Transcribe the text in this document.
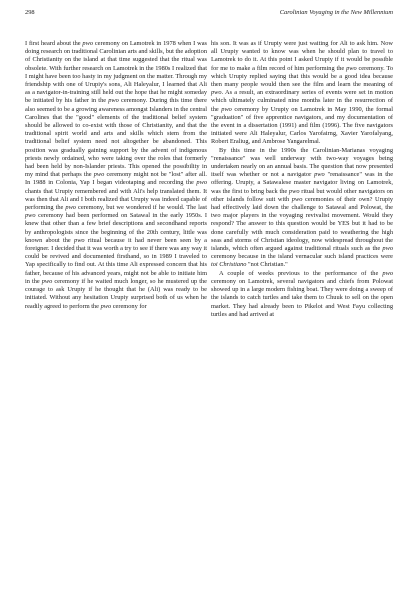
298	Carolinian Voyaging in the New Millennium

I first heard about the pwo ceremony on Lamotrek in 1978 when I was doing research on traditional Carolinian arts and skills, but the adoption of Christianity on the island at that time suggested that the ritual was obsolete. With further research on Lamotrek in the 1980s I realized that I might have been too hasty in my judgment on the matter. Through my friendship with one of Urupiy's sons, Ali Haleyalur, I learned that Ali as a navigator-in-training still held out the hope that he might someday be initiated by his father in the pwo ceremony. During this time there also seemed to be a growing awareness amongst Islanders in the central Carolines that the "good" elements of the traditional belief system should be allowed to co-exist with those of Christianity, and that the traditional spirit world and arts and skills which stem from the traditional belief system need not altogether be abandoned. This position was gradually gaining support by the advent of indigenous priests newly ordained, who were taking over the roles that formerly had been held by non-Islander priests. This opened the possibility in my mind that perhaps the pwo ceremony might not be "lost" after all. In 1988 in Colonia, Yap I began videotaping and recording the pwo chants that Urupiy remembered and with Ali's help translated them. It was then that Ali and I both realized that Urupiy was indeed capable of performing the pwo ceremony, but we wondered if he would. The last pwo ceremony had been performed on Satawal in the early 1950s. I knew that other than a few brief descriptions and secondhand reports by anthropologists since the beginning of the 20th century, little was known about the pwo ritual because it had never been seen by a foreigner. I decided that it was worth a try to see if there was any way it could be revived and documented firsthand, so in 1989 I traveled to Yap specifically to find out. At this time Ali expressed concern that his father, because of his advanced years, might not be able to initiate him in the pwo ceremony if he waited much longer, so he mustered up the courage to ask Urupiy if he thought that he (Ali) was ready to be initiated. Without any hesitation Urupiy surprised both of us when he readily agreed to perform the pwo ceremony for

his son. It was as if Urupiy were just waiting for Ali to ask him. Now all Urupiy wanted to know was when he should plan to travel to Lamotrek to do it. At this point I asked Urupiy if it would be possible for me to make a film record of him performing the pwo ceremony. To which Urupiy replied saying that this would be a good idea because then many people would then see the film and learn the meaning of pwo. As a result, an extraordinary series of events were set in motion which ultimately culminated nine months later in the resurrection of the pwo ceremony by Urupiy on Lamotrek in May 1990, the formal "graduation" of five apprentice navigators, and my documentation of the event in a dissertation (1991) and film (1996). The five navigators initiated were Ali Haleyalur, Carlos Yarofairng, Xavier Yarofalyang, Robert Eraliug, and Ambrose Yangarelmal.

By this time in the 1990s the Carolinian-Marianas voyaging "renaissance" was well underway with two-way voyages being undertaken nearly on an annual basis. The question that now presented itself was whether or not a navigator pwo "renaissance" was in the offering. Urupiy, a Satawalese master navigator living on Lamotrek, was the first to bring back the pwo ritual but would other navigators on other islands follow suit with pwo ceremonies of their own? Urupiy had effectively laid down the challenge to Satawal and Polowat, the two major players in the voyaging revivalist movement. Would they respond? The answer to this question would be YES but it had to be done carefully with much consideration paid to weathering the high seas and storms of Christian ideology, now widespread throughout the islands, which often argued against traditional rituals such as the pwo ceremony because in the island vernacular such island practices were toi Christiano "not Christian."

A couple of weeks previous to the performance of the pwo ceremony on Lamotrek, several navigators and chiefs from Polowat showed up in a large modern fishing boat. They were doing a sweep of the islands to catch turtles and take them to Chuuk to sell on the open market. They had already been to Pikelot and West Fayu collecting turtles and had arrived at
